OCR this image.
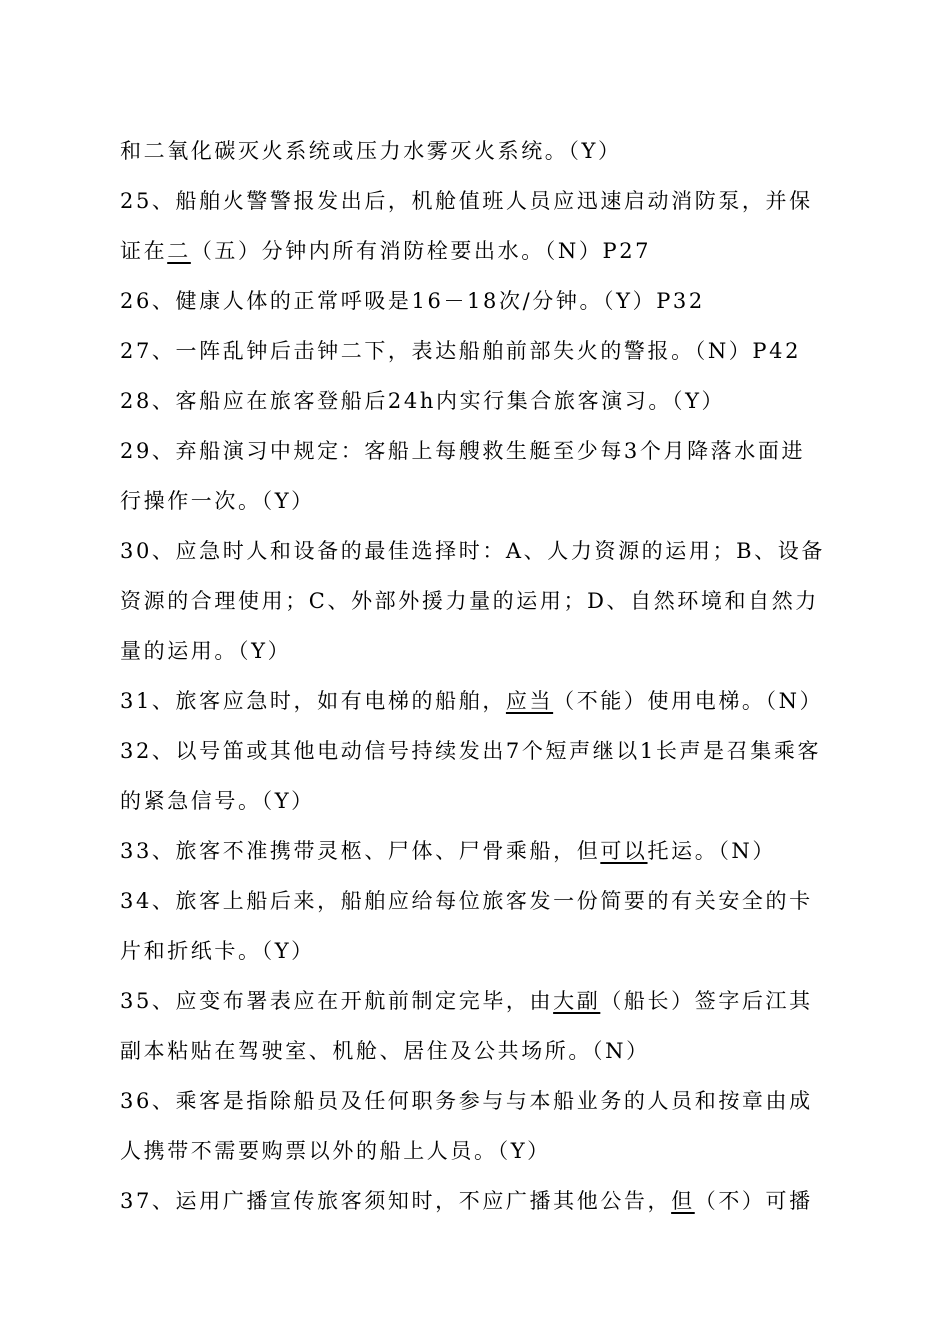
和二氧化碳灭火系统或压力水雾灭火系统。（Y）
25、船舶火警警报发出后，机舱值班人员应迅速启动消防泵，并保
证在二（五）分钟内所有消防栓要出水。（N）P27
26、健康人体的正常呼吸是16－18次/分钟。（Y）P32
27、一阵乱钟后击钟二下，表达船舶前部失火的警报。（N）P42
28、客船应在旅客登船后24h内实行集合旅客演习。（Y）
29、弃船演习中规定：客船上每艘救生艇至少每3个月降落水面进
行操作一次。（Y）
30、应急时人和设备的最佳选择时：A、人力资源的运用；B、设备
资源的合理使用；C、外部外援力量的运用；D、自然环境和自然力
量的运用。（Y）
31、旅客应急时，如有电梯的船舶，应当（不能）使用电梯。（N）
32、以号笛或其他电动信号持续发出7个短声继以1长声是召集乘客
的紧急信号。（Y）
33、旅客不准携带灵柩、尸体、尸骨乘船，但可以托运。（N）
34、旅客上船后来，船舶应给每位旅客发一份简要的有关安全的卡
片和折纸卡。（Y）
35、应变布署表应在开航前制定完毕，由大副（船长）签字后江其
副本粘贴在驾驶室、机舱、居住及公共场所。（N）
36、乘客是指除船员及任何职务参与与本船业务的人员和按章由成
人携带不需要购票以外的船上人员。（Y）
37、运用广播宣传旅客须知时，不应广播其他公告，但（不）可播
